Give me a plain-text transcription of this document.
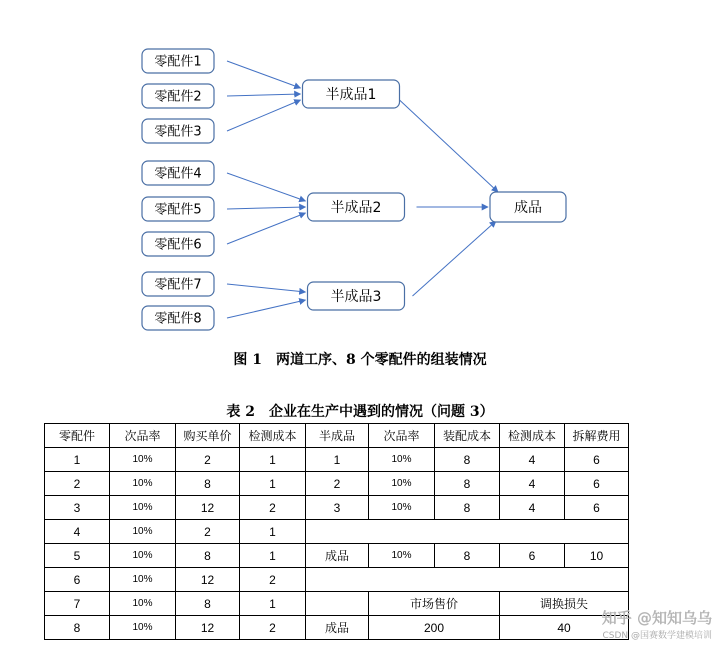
零配件1
零配件2
零配件3
零配件4
零配件5
零配件6
零配件7
零配件8
半成品1
半成品2
半成品3
成品
图 1　两道工序、8 个零配件的组装情况
表 2　企业在生产中遇到的情况（问题 3）
零配件	次品率	购买单价	检测成本	半成品	次品率	装配成本	检测成本	拆解费用
1	10%	2	1	1	10%	8	4	6
2	10%	8	1	2	10%	8	4	6
3	10%	12	2	3	10%	8	4	6
4	10%	2	1					
5	10%	8	1	成品	10%	8	6	10
6	10%	12	2					
7	10%	8	1		市场售价		调换损失	
8	10%	12	2	成品	200		40	
知乎 @知知乌乌
CSDN @国赛数学建模培训
